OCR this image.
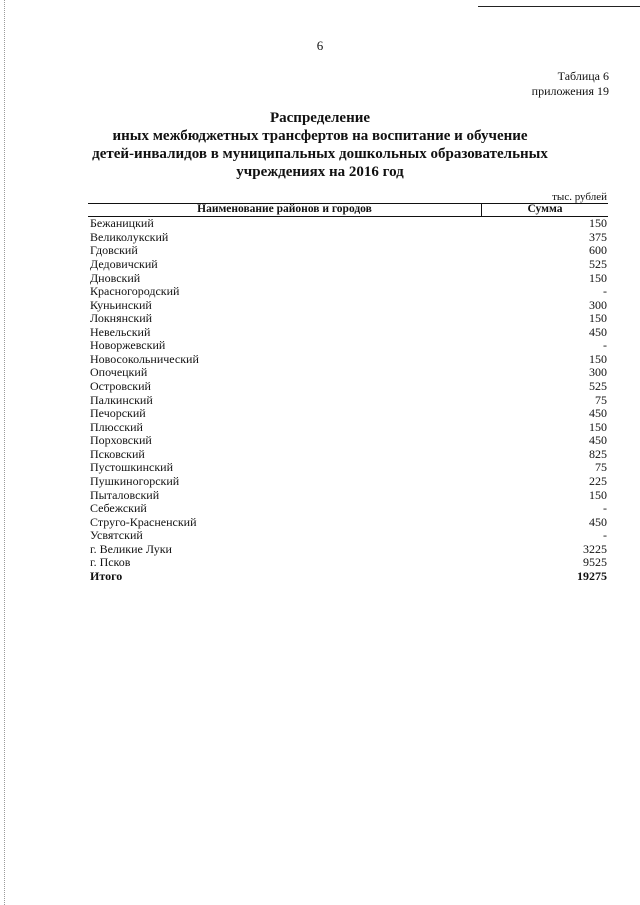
6
Таблица 6
приложения 19
Распределение
иных межбюджетных трансфертов на воспитание и обучение
детей-инвалидов в муниципальных дошкольных образовательных
учреждениях на 2016 год
тыс. рублей
Наименование районов и городов	Сумма
Бежаницкий	150
Великолукский	375
Гдовский	600
Дедовичский	525
Дновский	150
Красногородский	-
Куньинский	300
Локнянский	150
Невельский	450
Новоржевский	-
Новосокольнический	150
Опочецкий	300
Островский	525
Палкинский	75
Печорский	450
Плюсский	150
Порховский	450
Псковский	825
Пустошкинский	75
Пушкиногорский	225
Пыталовский	150
Себежский	-
Струго-Красненский	450
Усвятский	-
г. Великие Луки	3225
г. Псков	9525
Итого	19275
